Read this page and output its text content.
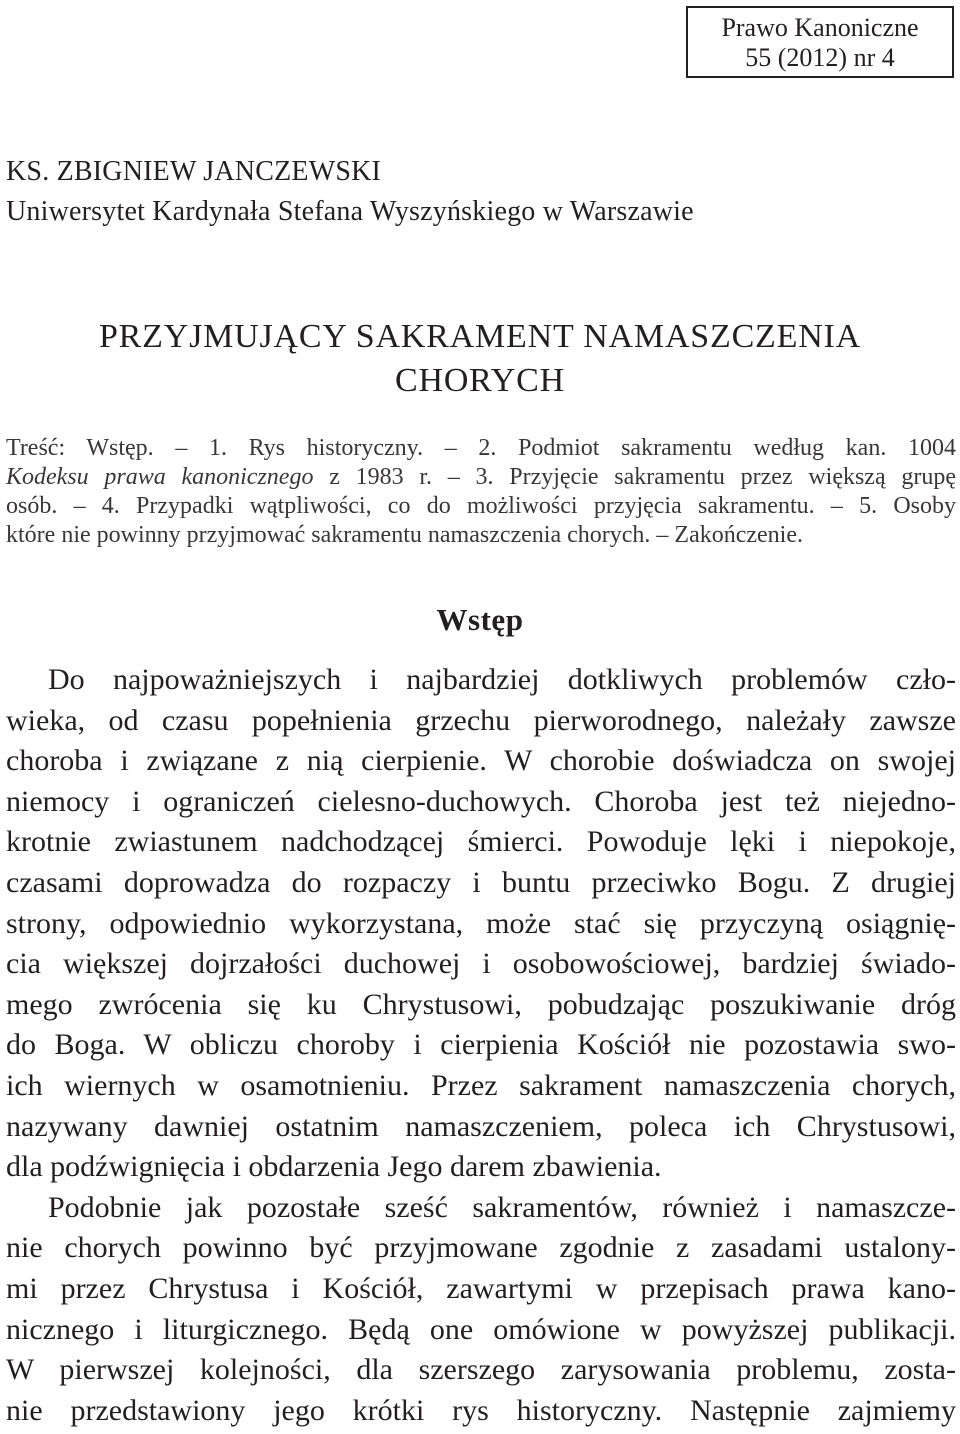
Prawo Kanoniczne
55 (2012) nr 4
KS. ZBIGNIEW JANCZEWSKI
Uniwersytet Kardynała Stefana Wyszyńskiego w Warszawie
PRZYJMUJĄCY SAKRAMENT NAMASZCZENIA
CHORYCH
Treść: Wstęp. – 1. Rys historyczny. – 2. Podmiot sakramentu według kan. 1004
Kodeksu prawa kanonicznego z 1983 r. – 3. Przyjęcie sakramentu przez większą grupę
osób. – 4. Przypadki wątpliwości, co do możliwości przyjęcia sakramentu. – 5. Osoby
które nie powinny przyjmować sakramentu namaszczenia chorych. – Zakończenie.
Wstęp
Do najpoważniejszych i najbardziej dotkliwych problemów czło-
wieka, od czasu popełnienia grzechu pierworodnego, należały zawsze
choroba i związane z nią cierpienie. W chorobie doświadcza on swojej
niemocy i ograniczeń cielesno-duchowych. Choroba jest też niejedno-
krotnie zwiastunem nadchodzącej śmierci. Powoduje lęki i niepokoje,
czasami doprowadza do rozpaczy i buntu przeciwko Bogu. Z drugiej
strony, odpowiednio wykorzystana, może stać się przyczyną osiągnię-
cia większej dojrzałości duchowej i osobowościowej, bardziej świado-
mego zwrócenia się ku Chrystusowi, pobudzając poszukiwanie dróg
do Boga. W obliczu choroby i cierpienia Kościół nie pozostawia swo-
ich wiernych w osamotnieniu. Przez sakrament namaszczenia chorych,
nazywany dawniej ostatnim namaszczeniem, poleca ich Chrystusowi,
dla podźwignięcia i obdarzenia Jego darem zbawienia.
Podobnie jak pozostałe sześć sakramentów, również i namaszcze-
nie chorych powinno być przyjmowane zgodnie z zasadami ustalony-
mi przez Chrystusa i Kościół, zawartymi w przepisach prawa kano-
nicznego i liturgicznego. Będą one omówione w powyższej publikacji.
W pierwszej kolejności, dla szerszego zarysowania problemu, zosta-
nie przedstawiony jego krótki rys historyczny. Następnie zajmiemy
